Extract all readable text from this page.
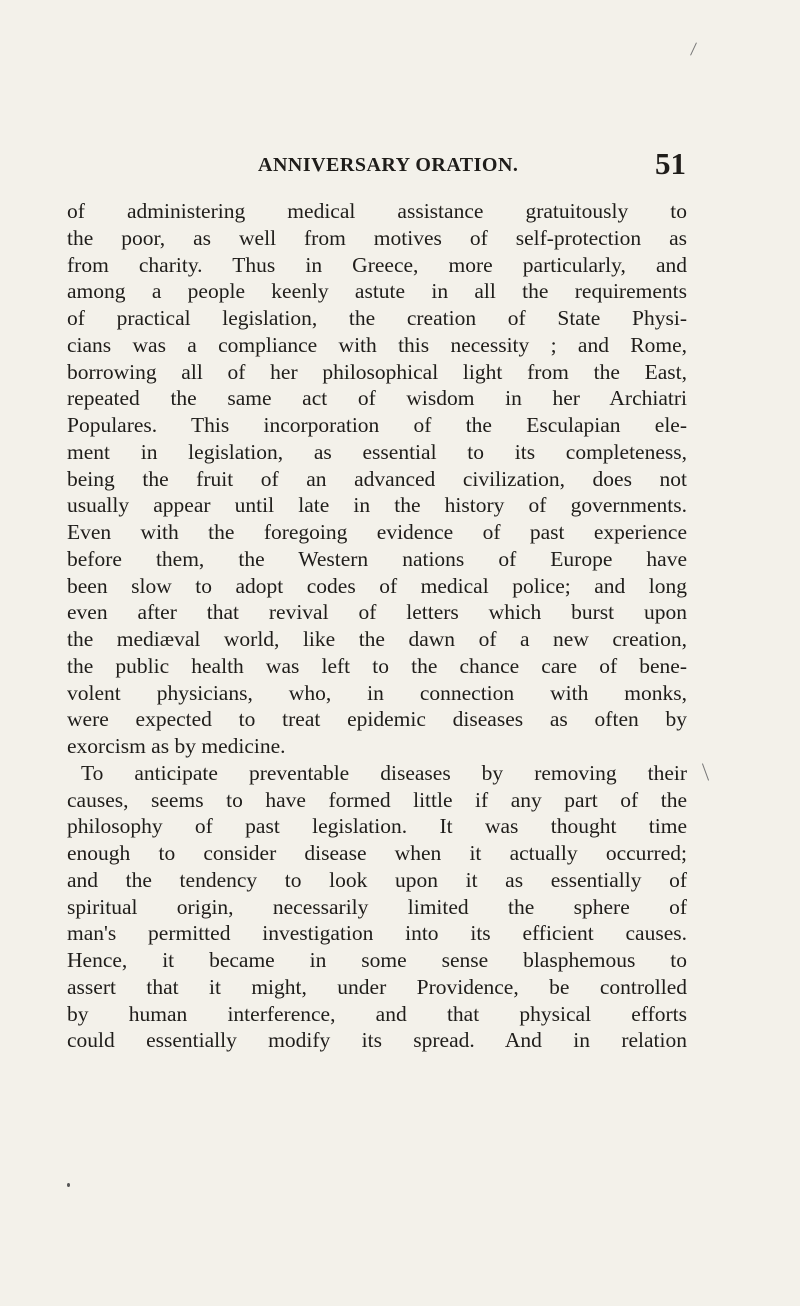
ANNIVERSARY ORATION.	51
of administering medical assistance gratuitously to
the poor, as well from motives of self-protection as
from charity. Thus in Greece, more particularly, and
among a people keenly astute in all the requirements
of practical legislation, the creation of State Physi-
cians was a compliance with this necessity ; and Rome,
borrowing all of her philosophical light from the East,
repeated the same act of wisdom in her Archiatri
Populares. This incorporation of the Esculapian ele-
ment in legislation, as essential to its completeness,
being the fruit of an advanced civilization, does not
usually appear until late in the history of governments.
Even with the foregoing evidence of past experience
before them, the Western nations of Europe have
been slow to adopt codes of medical police; and long
even after that revival of letters which burst upon
the mediæval world, like the dawn of a new creation,
the public health was left to the chance care of bene-
volent physicians, who, in connection with monks,
were expected to treat epidemic diseases as often by
exorcism as by medicine.
To anticipate preventable diseases by removing their
causes, seems to have formed little if any part of the
philosophy of past legislation. It was thought time
enough to consider disease when it actually occurred;
and the tendency to look upon it as essentially of
spiritual origin, necessarily limited the sphere of
man's permitted investigation into its efficient causes.
Hence, it became in some sense blasphemous to
assert that it might, under Providence, be controlled
by human interference, and that physical efforts
could essentially modify its spread. And in relation
